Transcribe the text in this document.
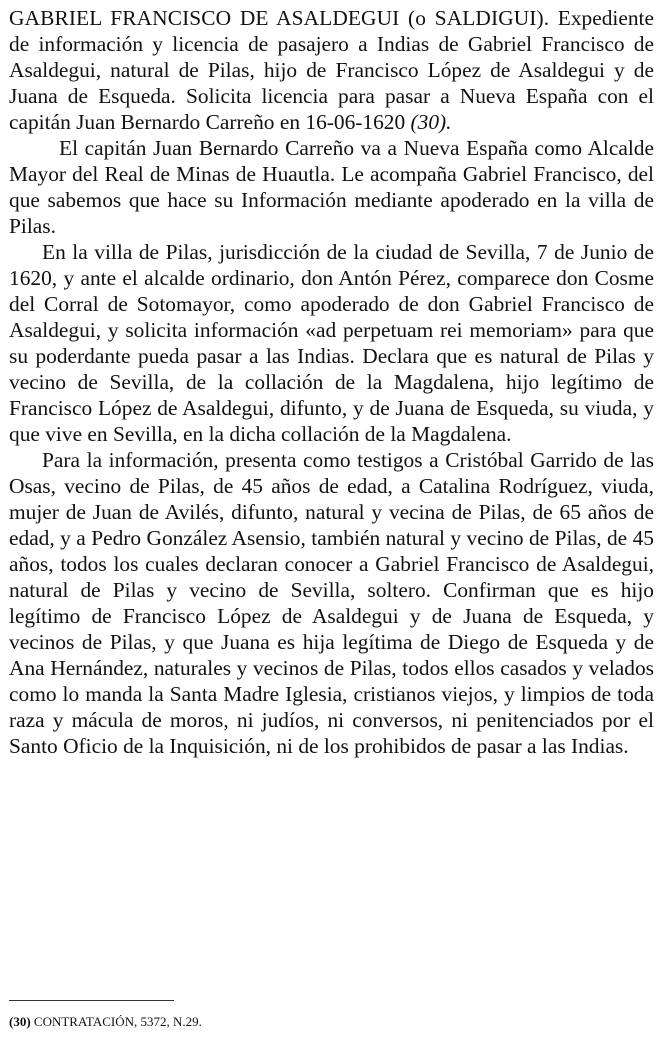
GABRIEL FRANCISCO DE ASALDEGUI (o SALDIGUI). Expediente de información y licencia de pasajero a Indias de Gabriel Francisco de Asaldegui, natural de Pilas, hijo de Francisco López de Asaldegui y de Juana de Esqueda. Solicita licencia para pasar a Nueva España con el capitán Juan Bernardo Carreño en 16-06-1620 (30).

El capitán Juan Bernardo Carreño va a Nueva España como Alcalde Mayor del Real de Minas de Huautla. Le acompaña Gabriel Francisco, del que sabemos que hace su Información mediante apoderado en la villa de Pilas.

En la villa de Pilas, jurisdicción de la ciudad de Sevilla, 7 de Junio de 1620, y ante el alcalde ordinario, don Antón Pérez, comparece don Cosme del Corral de Sotomayor, como apoderado de don Gabriel Francisco de Asaldegui, y solicita información «ad perpetuam rei memoriam» para que su poderdante pueda pasar a las Indias. Declara que es natural de Pilas y vecino de Sevilla, de la collación de la Magdalena, hijo legítimo de Francisco López de Asaldegui, difunto, y de Juana de Esqueda, su viuda, y que vive en Sevilla, en la dicha collación de la Magdalena.

Para la información, presenta como testigos a Cristóbal Garrido de las Osas, vecino de Pilas, de 45 años de edad, a Catalina Rodríguez, viuda, mujer de Juan de Avilés, difunto, natural y vecina de Pilas, de 65 años de edad, y a Pedro González Asensio, también natural y vecino de Pilas, de 45 años, todos los cuales declaran conocer a Gabriel Francisco de Asaldegui, natural de Pilas y vecino de Sevilla, soltero. Confirman que es hijo legítimo de Francisco López de Asaldegui y de Juana de Esqueda, y vecinos de Pilas, y que Juana es hija legítima de Diego de Esqueda y de Ana Hernández, naturales y vecinos de Pilas, todos ellos casados y velados como lo manda la Santa Madre Iglesia, cristianos viejos, y limpios de toda raza y mácula de moros, ni judíos, ni conversos, ni penitenciados por el Santo Oficio de la Inquisición, ni de los prohibidos de pasar a las Indias.

(30) CONTRATACIÓN, 5372, N.29.
